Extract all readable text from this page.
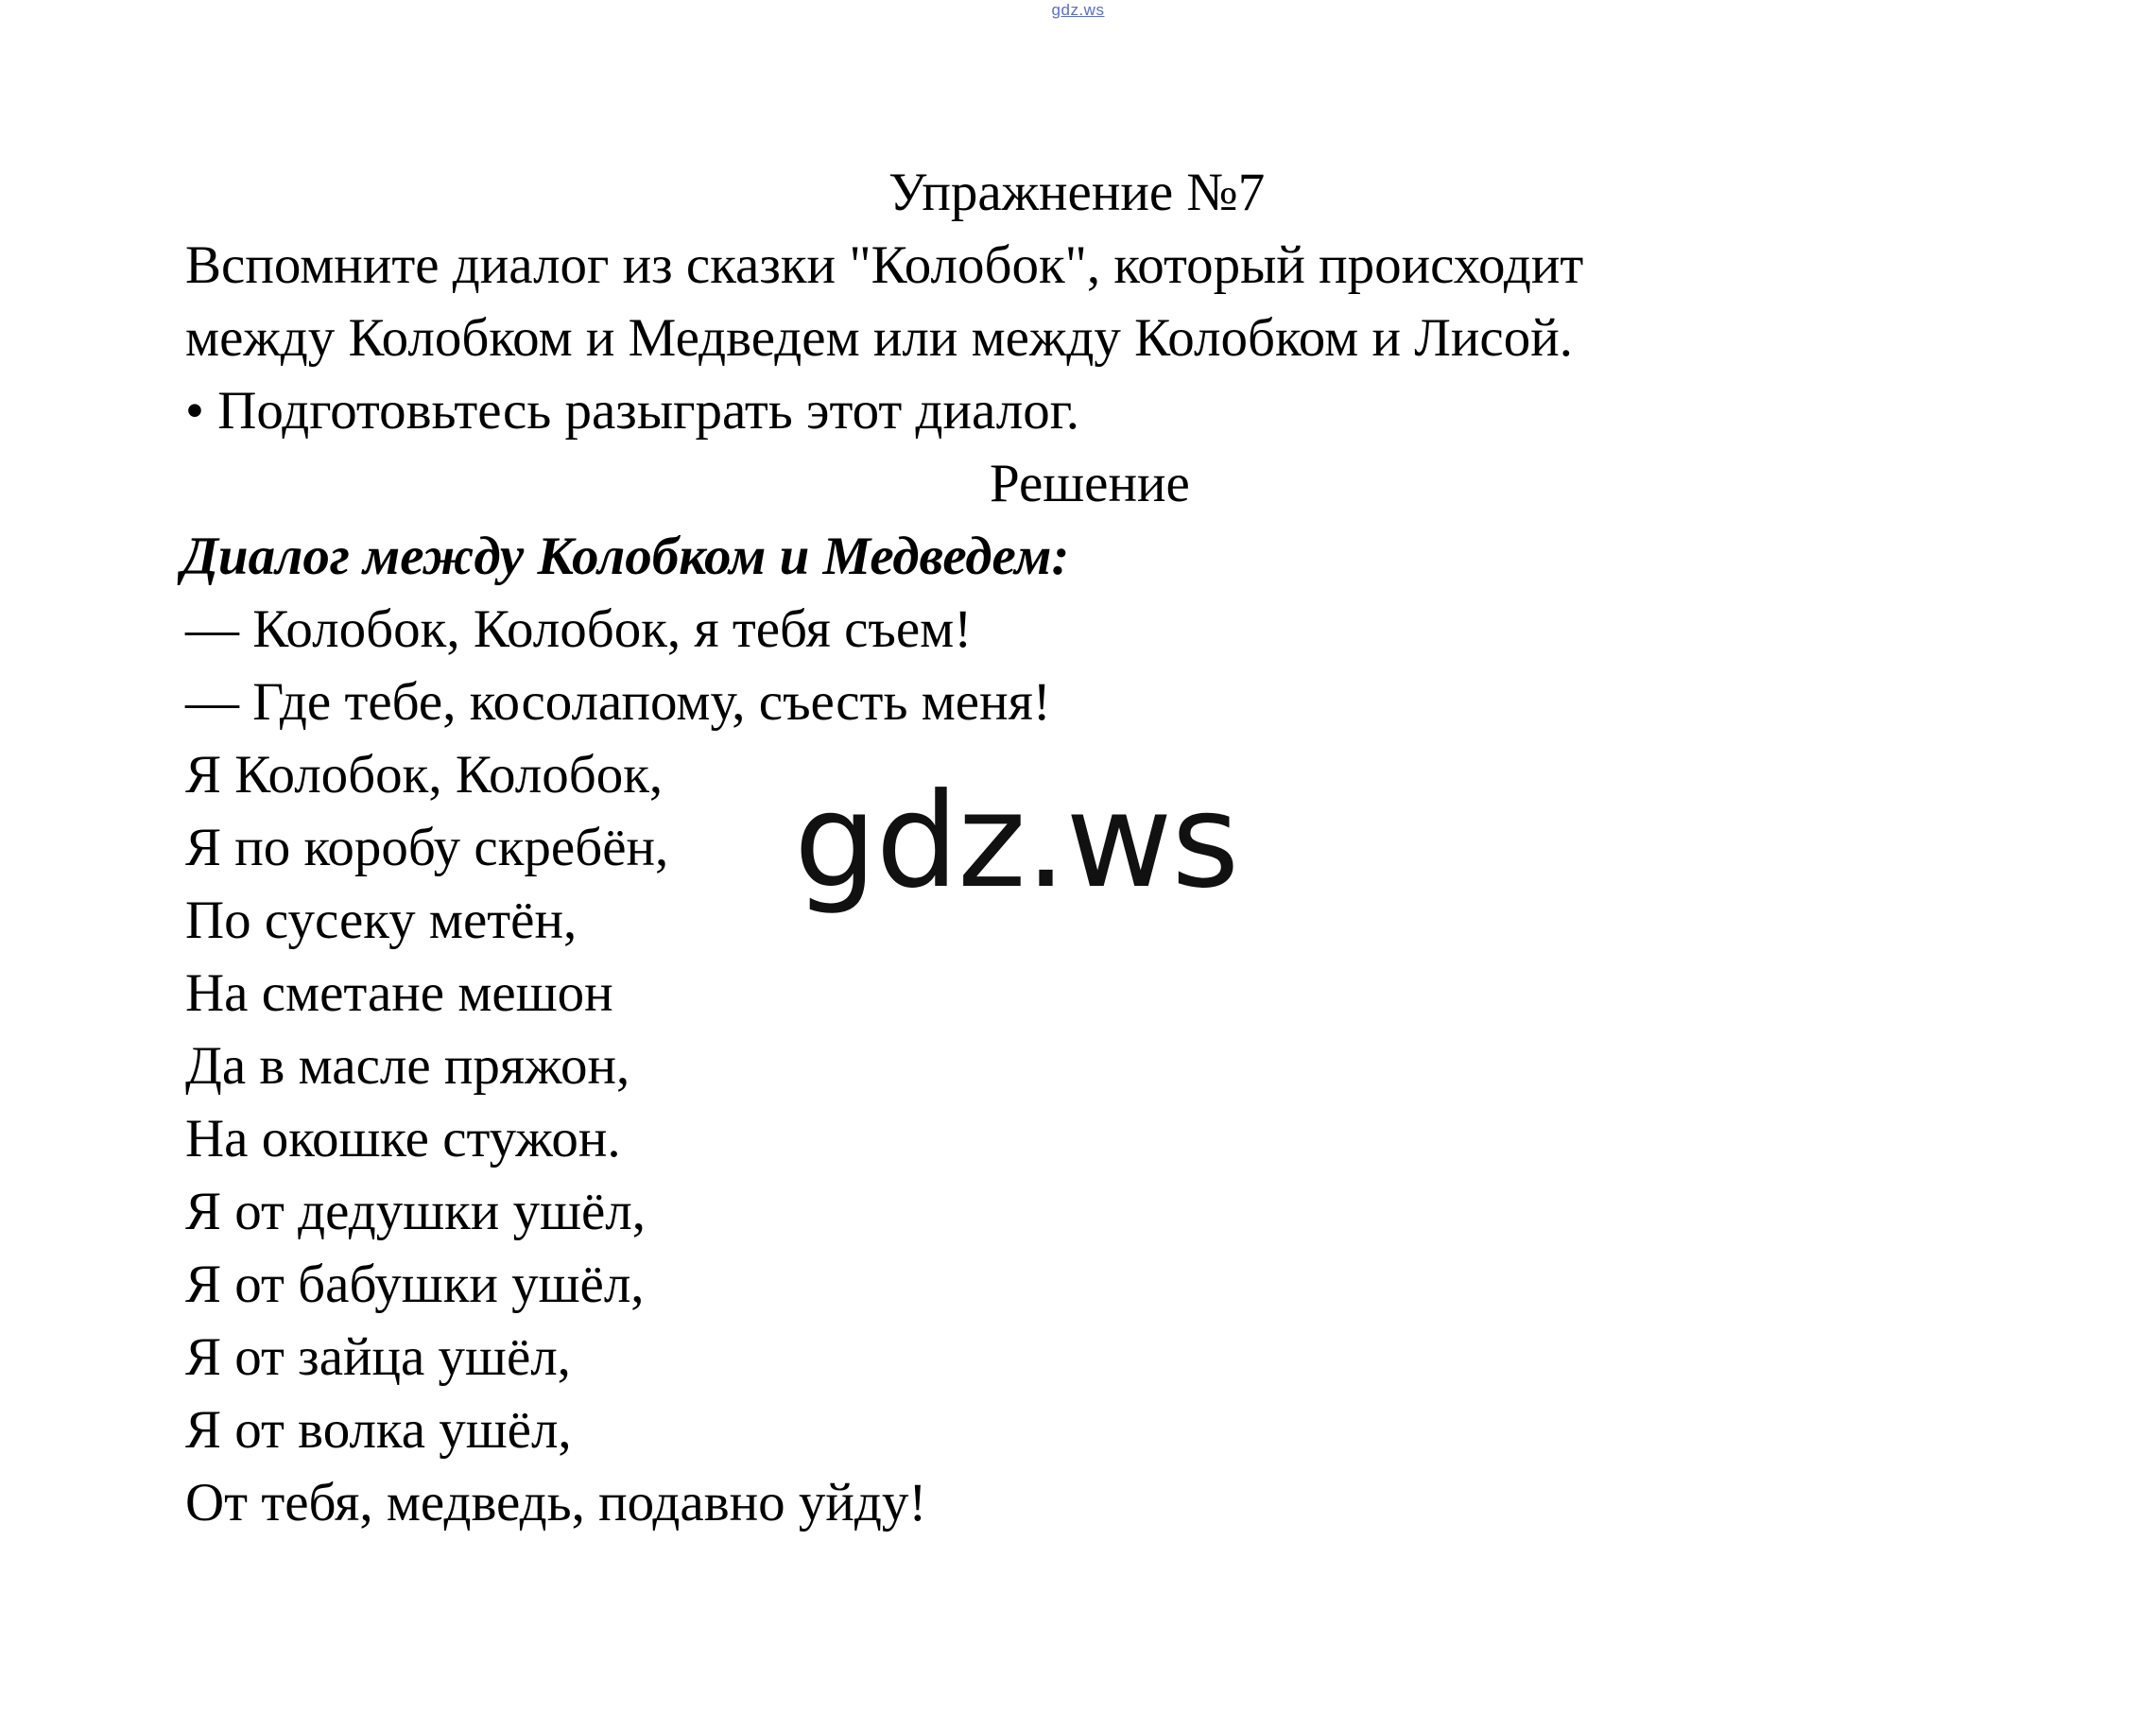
gdz.ws
Упражнение №7
Вспомните диалог из сказки "Колобок", который происходит
между Колобком и Медведем или между Колобком и Лисой.
• Подготовьтесь разыграть этот диалог.
Решение
Диалог между Колобком и Медведем:
— Колобок, Колобок, я тебя съем!
— Где тебе, косолапому, съесть меня!
Я Колобок, Колобок,
Я по коробу скребён,
По сусеку метён,
На сметане мешон
Да в масле пряжон,
На окошке стужон.
Я от дедушки ушёл,
Я от бабушки ушёл,
Я от зайца ушёл,
Я от волка ушёл,
От тебя, медведь, подавно уйду!
gdz.ws
